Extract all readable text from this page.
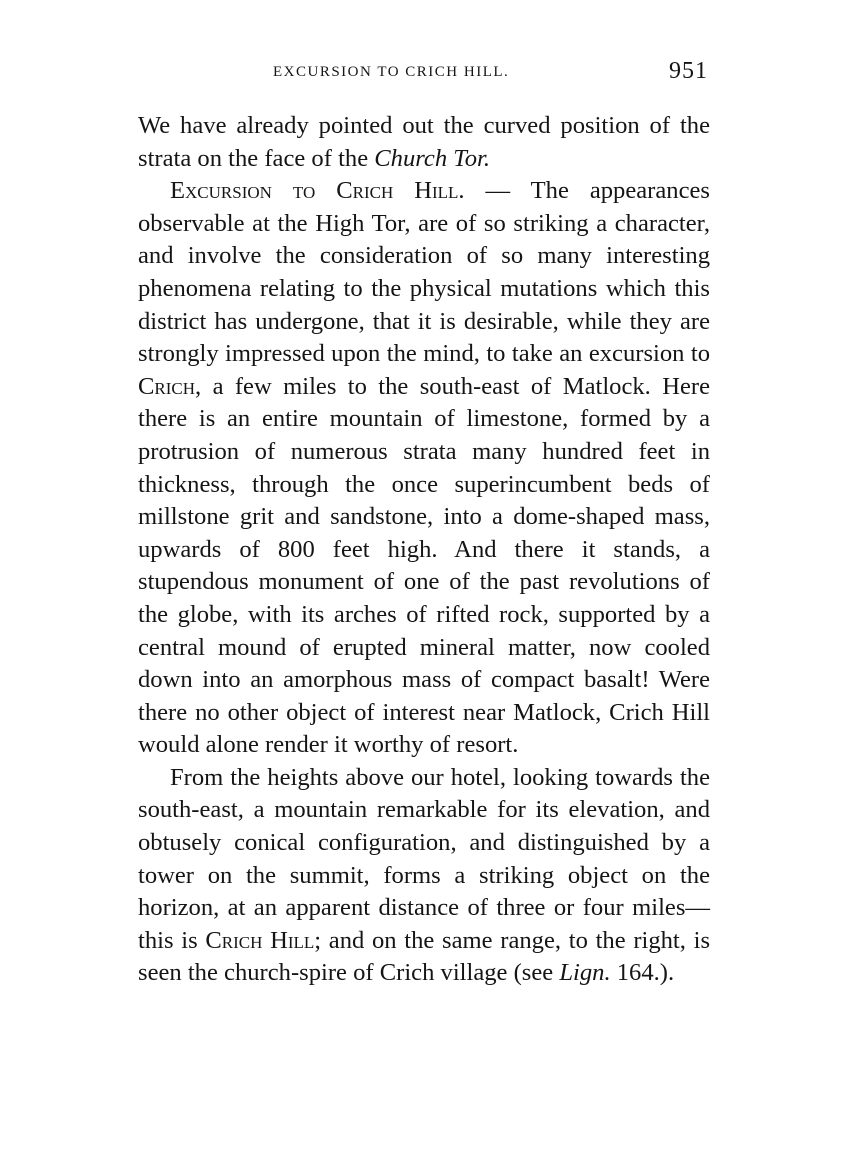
EXCURSION TO CRICH HILL.	951

We have already pointed out the curved position of the strata on the face of the Church Tor.

Excursion to Crich Hill. — The appearances observable at the High Tor, are of so striking a character, and involve the consideration of so many interesting phenomena relating to the physical mutations which this district has undergone, that it is desirable, while they are strongly impressed upon the mind, to take an excursion to Crich, a few miles to the south-east of Matlock. Here there is an entire mountain of limestone, formed by a protrusion of numerous strata many hundred feet in thickness, through the once superincumbent beds of millstone grit and sandstone, into a dome-shaped mass, upwards of 800 feet high. And there it stands, a stupendous monument of one of the past revolutions of the globe, with its arches of rifted rock, supported by a central mound of erupted mineral matter, now cooled down into an amorphous mass of compact basalt! Were there no other object of interest near Matlock, Crich Hill would alone render it worthy of resort.

From the heights above our hotel, looking towards the south-east, a mountain remarkable for its elevation, and obtusely conical configuration, and distinguished by a tower on the summit, forms a striking object on the horizon, at an apparent distance of three or four miles—this is Crich Hill; and on the same range, to the right, is seen the church-spire of Crich village (see Lign. 164.).
